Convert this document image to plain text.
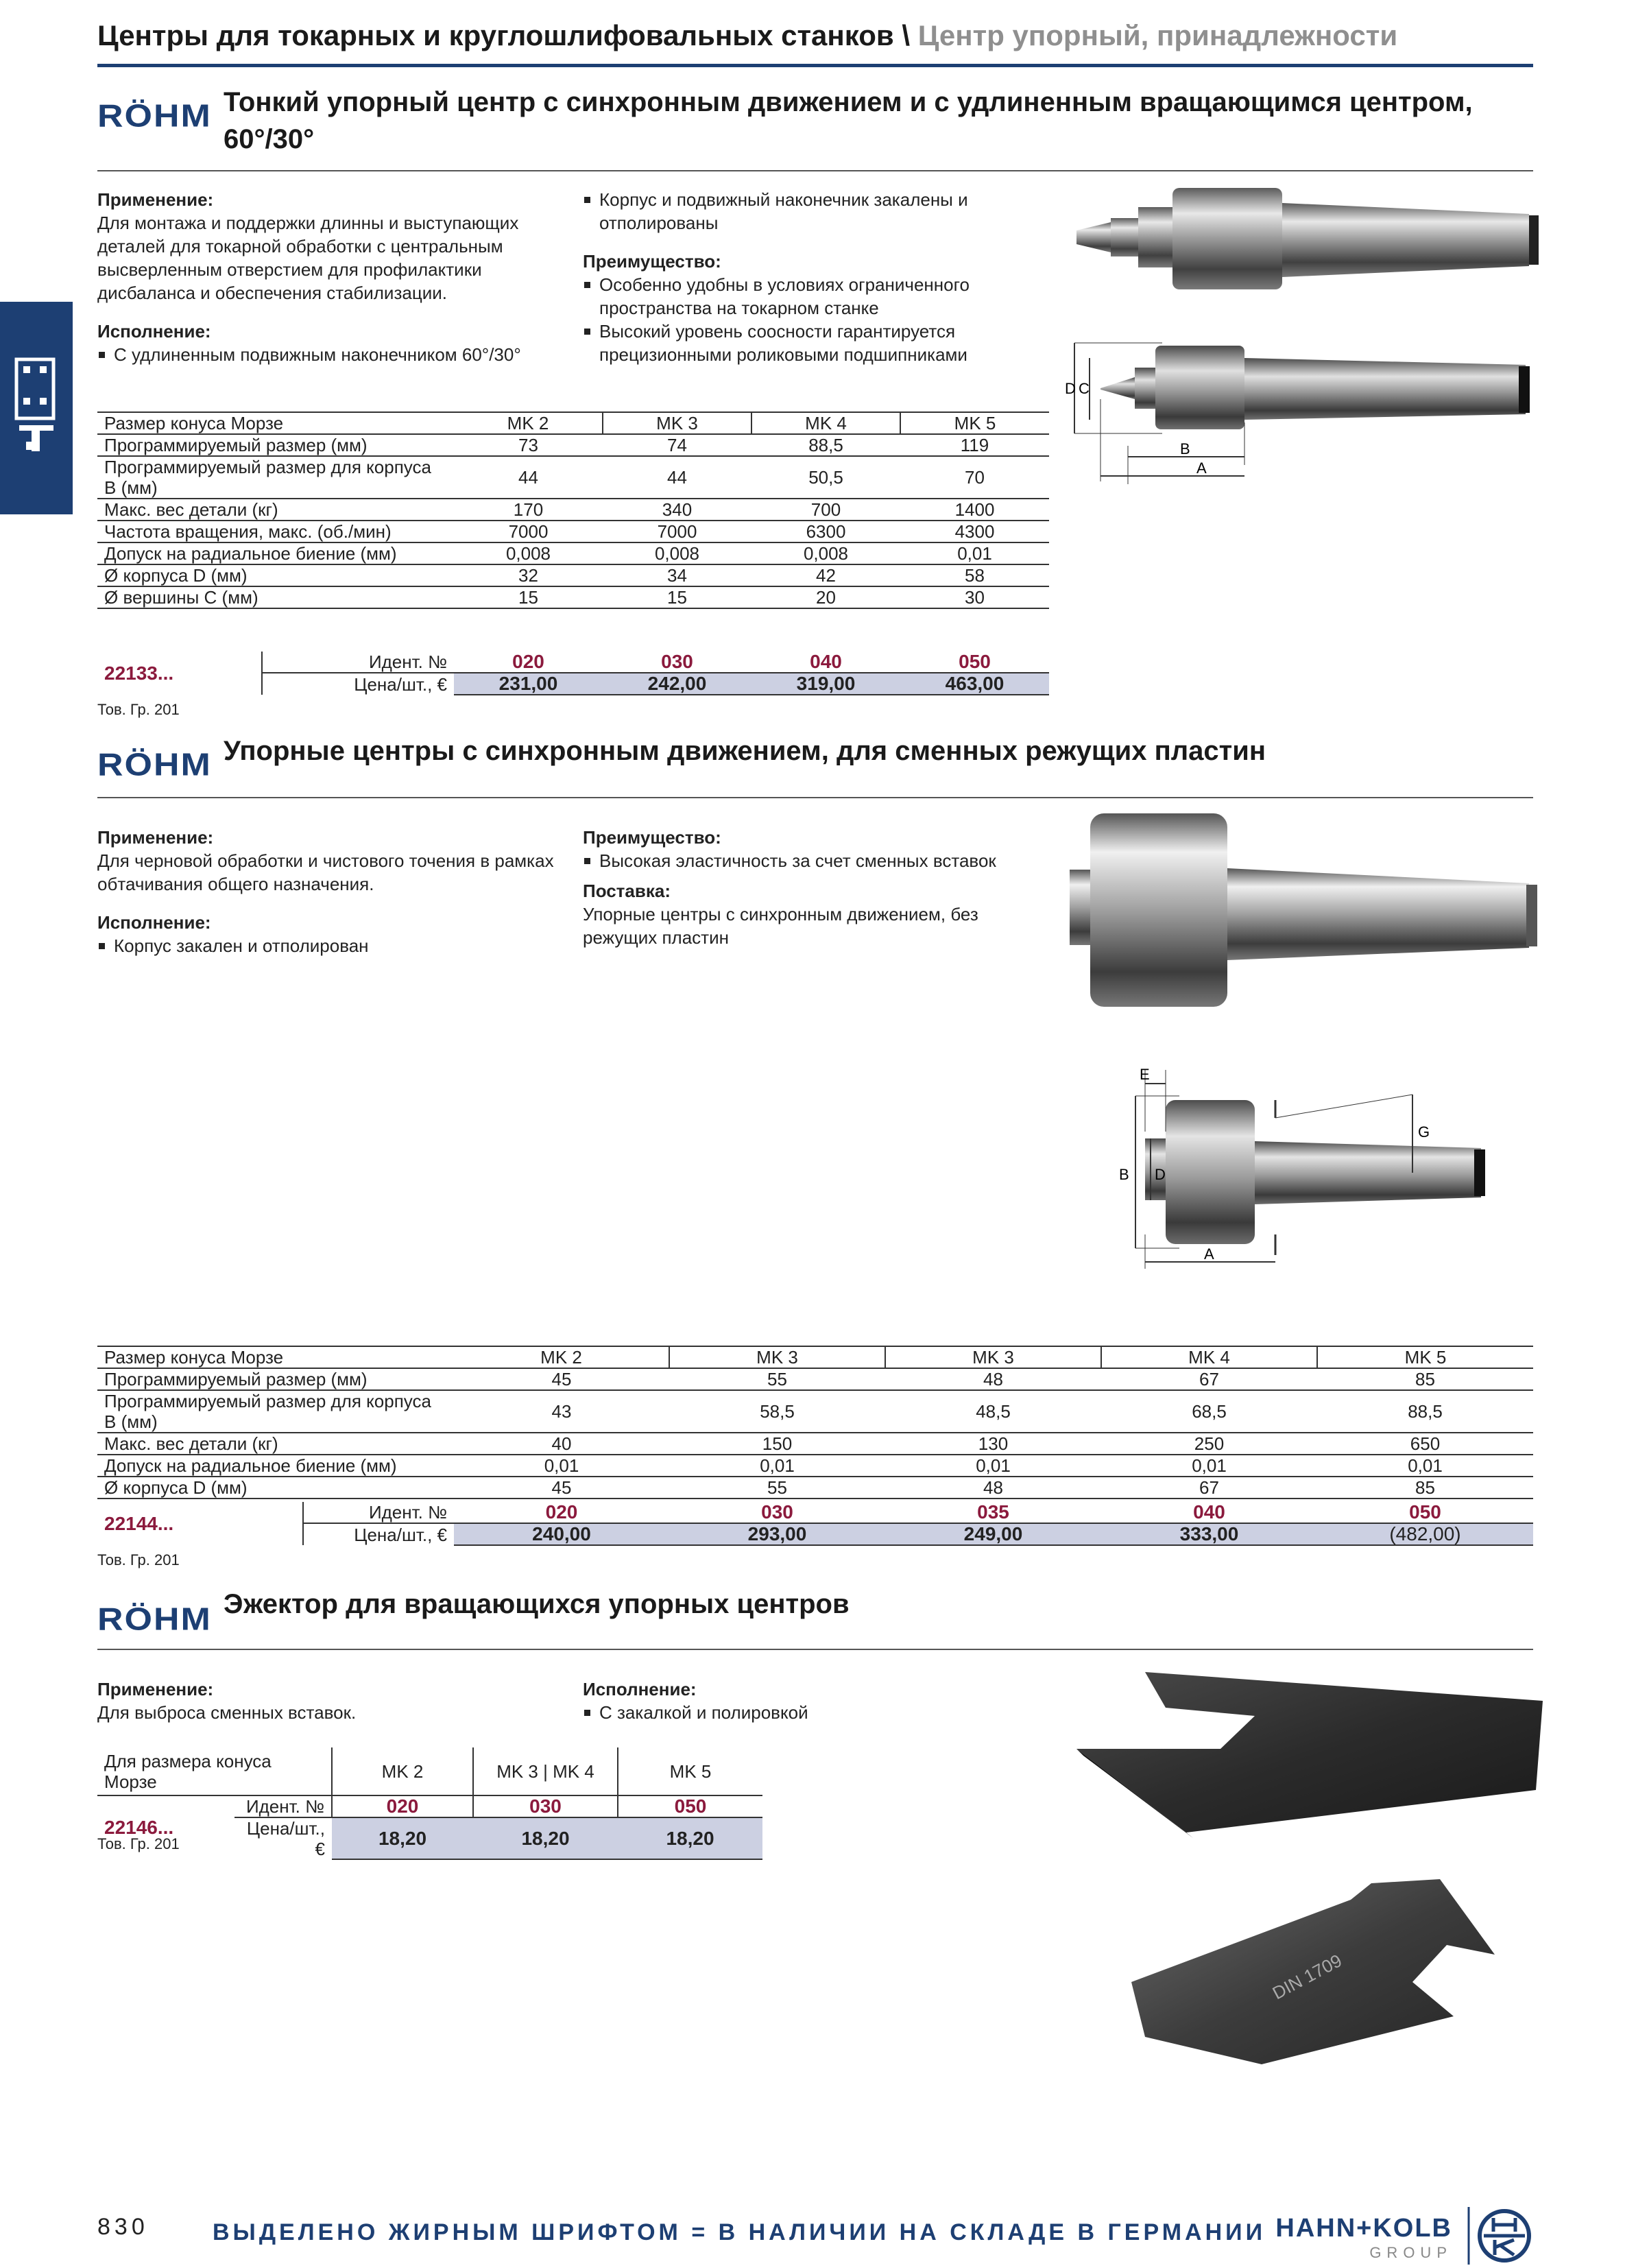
Центры для токарных и круглошлифовальных станков \ Центр упорный, принадлежности
RÖHM Тонкий упорный центр с синхронным движением и с удлиненным вращающимся центром, 60°/30°
Применение:
Для монтажа и поддержки длинны и выступающих деталей для токарной обработки с центральным высверленным отверстием для профилактики дисбаланса и обеспечения стабилизации.
Исполнение:
С удлиненным подвижным наконечником 60°/30°
Корпус и подвижный наконечник закалены и отполированы
Преимущество:
Особенно удобны в условиях ограниченного пространства на токарном станке
Высокий уровень соосности гарантируется прецизионными роликовыми подшипниками
D C
B
A
Размер конуса Морзе	MK 2	MK 3	MK 4	MK 5
Программируемый размер (мм)	73	74	88,5	119
Программируемый размер для корпуса B (мм)	44	44	50,5	70
Макс. вес детали (кг)	170	340	700	1400
Частота вращения, макс. (об./мин)	7000	7000	6300	4300
Допуск на радиальное биение (мм)	0,008	0,008	0,008	0,01
Ø корпуса D (мм)	32	34	42	58
Ø вершины C (мм)	15	15	20	30
22133...	Идент. №	020	030	040	050
	Цена/шт., €	231,00	242,00	319,00	463,00
Тов. Гр. 201
RÖHM Упорные центры с синхронным движением, для сменных режущих пластин
Применение:
Для черновой обработки и чистового точения в рамках обтачивания общего назначения.
Исполнение:
Корпус закален и отполирован
Преимущество:
Высокая эластичность за счет сменных вставок
Поставка:
Упорные центры с синхронным движением, без режущих пластин
B D
E
G
A
Размер конуса Морзе	MK 2	MK 3	MK 3	MK 4	MK 5
Программируемый размер (мм)	45	55	48	67	85
Программируемый размер для корпуса B (мм)	43	58,5	48,5	68,5	88,5
Макс. вес детали (кг)	40	150	130	250	650
Допуск на радиальное биение (мм)	0,01	0,01	0,01	0,01	0,01
Ø корпуса D (мм)	45	55	48	67	85
22144...	Идент. №	020	030	035	040	050
	Цена/шт., €	240,00	293,00	249,00	333,00	(482,00)
Тов. Гр. 201
RÖHM Эжектор для вращающихся упорных центров
Применение:
Для выброса сменных вставок.
Исполнение:
С закалкой и полировкой
Для размера конуса Морзе		MK 2	MK 3 | MK 4	MK 5
22146...	Идент. №	020	030	050
	Цена/шт., €	18,20	18,20	18,20
Тов. Гр. 201
DIN 1709
830	ВЫДЕЛЕНО ЖИРНЫМ ШРИФТОМ = В НАЛИЧИИ НА СКЛАДЕ В ГЕРМАНИИ HAHN+KOLB
GROUP
